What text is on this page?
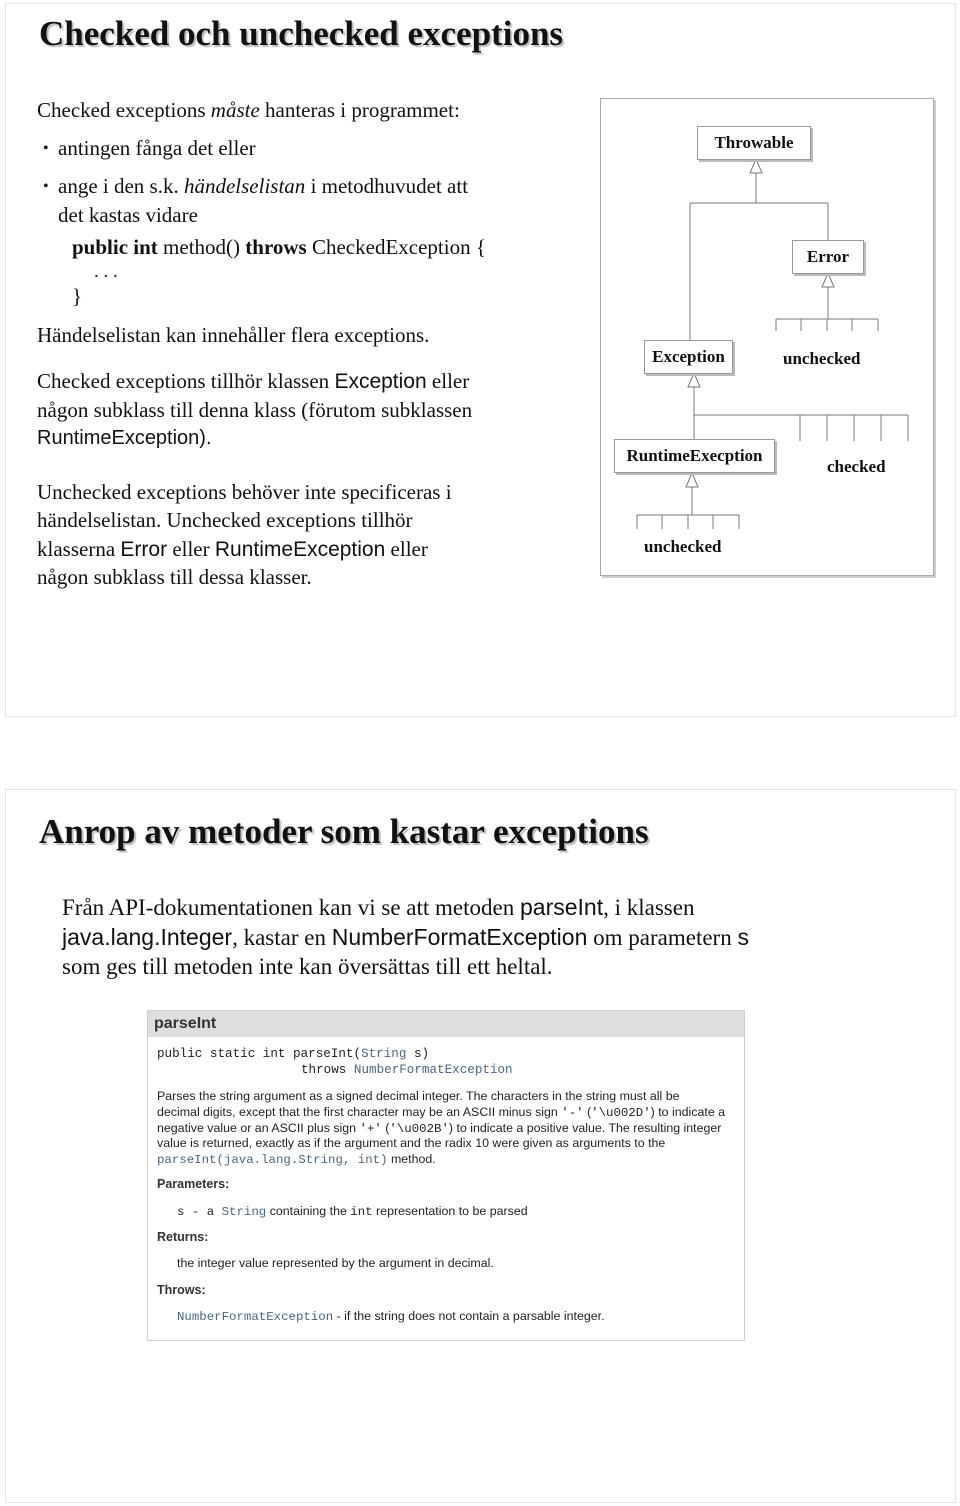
Checked och unchecked exceptions
Checked exceptions måste hanteras i programmet:
• antingen fånga det eller
• ange i den s.k. händelselistan i metodhuvudet att
det kastas vidare
public int method() throws CheckedException {
. . .
}
Händelselistan kan innehåller flera exceptions.
Checked exceptions tillhör klassen Exception eller
någon subklass till denna klass (förutom subklassen
RuntimeException).
Unchecked exceptions behöver inte specificeras i
händelselistan. Unchecked exceptions tillhör
klasserna Error eller RuntimeException eller
någon subklass till dessa klasser.
Throwable
Error
Exception
RuntimeExecption
unchecked
checked
unchecked
Anrop av metoder som kastar exceptions
Från API-dokumentationen kan vi se att metoden parseInt, i klassen
java.lang.Integer, kastar en NumberFormatException om parametern s
som ges till metoden inte kan översättas till ett heltal.
parseInt
public static int parseInt(String s)
throws NumberFormatException
Parses the string argument as a signed decimal integer. The characters in the string must all be
decimal digits, except that the first character may be an ASCII minus sign '-' ('\u002D') to indicate a
negative value or an ASCII plus sign '+' ('\u002B') to indicate a positive value. The resulting integer
value is returned, exactly as if the argument and the radix 10 were given as arguments to the
parseInt(java.lang.String, int) method.
Parameters:
s - a String containing the int representation to be parsed
Returns:
the integer value represented by the argument in decimal.
Throws:
NumberFormatException - if the string does not contain a parsable integer.
